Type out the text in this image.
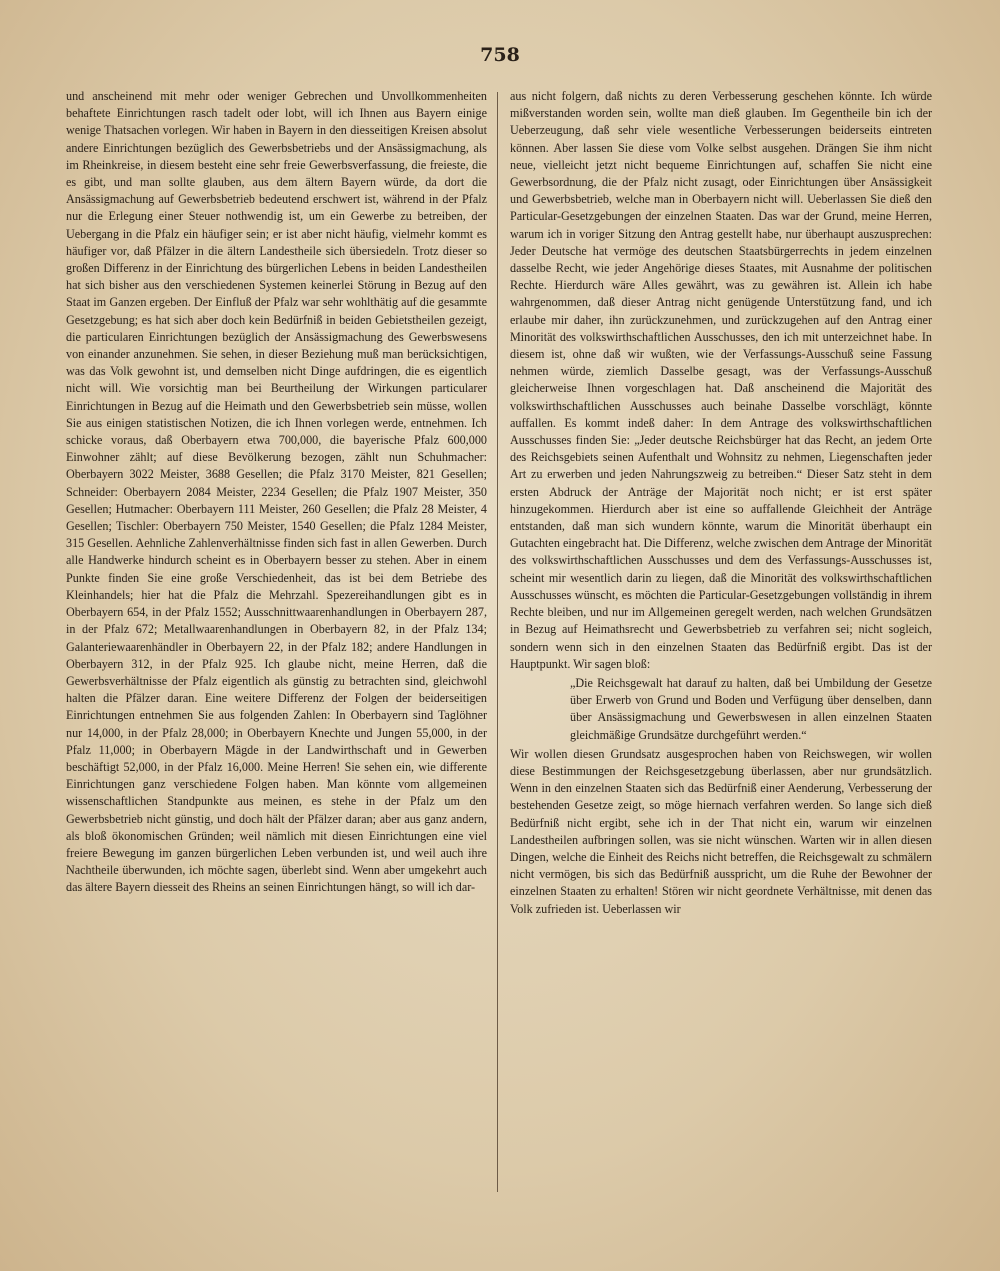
758

und anscheinend mit mehr oder weniger Gebrechen und Unvollkommenheiten behaftete Einrichtungen rasch tadelt oder lobt, will ich Ihnen aus Bayern einige wenige Thatsachen vorlegen. Wir haben in Bayern in den diesseitigen Kreisen absolut andere Einrichtungen bezüglich des Gewerbsbetriebs und der Ansässigmachung, als im Rheinkreise, in diesem besteht eine sehr freie Gewerbsverfassung, die freieste, die es gibt, und man sollte glauben, aus dem ältern Bayern würde, da dort die Ansässigmachung auf Gewerbsbetrieb bedeutend erschwert ist, während in der Pfalz nur die Erlegung einer Steuer nothwendig ist, um ein Gewerbe zu betreiben, der Uebergang in die Pfalz ein häufiger sein; er ist aber nicht häufig, vielmehr kommt es häufiger vor, daß Pfälzer in die ältern Landestheile sich übersiedeln. Trotz dieser so großen Differenz in der Einrichtung des bürgerlichen Lebens in beiden Landestheilen hat sich bisher aus den verschiedenen Systemen keinerlei Störung in Bezug auf den Staat im Ganzen ergeben. Der Einfluß der Pfalz war sehr wohlthätig auf die gesammte Gesetzgebung; es hat sich aber doch kein Bedürfniß in beiden Gebietstheilen gezeigt, die particularen Einrichtungen bezüglich der Ansässigmachung des Gewerbswesens von einander anzunehmen. Sie sehen, in dieser Beziehung muß man berücksichtigen, was das Volk gewohnt ist, und demselben nicht Dinge aufdringen, die es eigentlich nicht will. Wie vorsichtig man bei Beurtheilung der Wirkungen particularer Einrichtungen in Bezug auf die Heimath und den Gewerbsbetrieb sein müsse, wollen Sie aus einigen statistischen Notizen, die ich Ihnen vorlegen werde, entnehmen. Ich schicke voraus, daß Oberbayern etwa 700,000, die bayerische Pfalz 600,000 Einwohner zählt; auf diese Bevölkerung bezogen, zählt nun Schuhmacher: Oberbayern 3022 Meister, 3688 Gesellen; die Pfalz 3170 Meister, 821 Gesellen; Schneider: Oberbayern 2084 Meister, 2234 Gesellen; die Pfalz 1907 Meister, 350 Gesellen; Hutmacher: Oberbayern 111 Meister, 260 Gesellen; die Pfalz 28 Meister, 4 Gesellen; Tischler: Oberbayern 750 Meister, 1540 Gesellen; die Pfalz 1284 Meister, 315 Gesellen. Aehnliche Zahlenverhältnisse finden sich fast in allen Gewerben. Durch alle Handwerke hindurch scheint es in Oberbayern besser zu stehen. Aber in einem Punkte finden Sie eine große Verschiedenheit, das ist bei dem Betriebe des Kleinhandels; hier hat die Pfalz die Mehrzahl. Spezereihandlungen gibt es in Oberbayern 654, in der Pfalz 1552; Ausschnittwaarenhandlungen in Oberbayern 287, in der Pfalz 672; Metallwaarenhandlungen in Oberbayern 82, in der Pfalz 134; Galanteriewaarenhändler in Oberbayern 22, in der Pfalz 182; andere Handlungen in Oberbayern 312, in der Pfalz 925. Ich glaube nicht, meine Herren, daß die Gewerbsverhältnisse der Pfalz eigentlich als günstig zu betrachten sind, gleichwohl halten die Pfälzer daran. Eine weitere Differenz der Folgen der beiderseitigen Einrichtungen entnehmen Sie aus folgenden Zahlen: In Oberbayern sind Taglöhner nur 14,000, in der Pfalz 28,000; in Oberbayern Knechte und Jungen 55,000, in der Pfalz 11,000; in Oberbayern Mägde in der Landwirthschaft und in Gewerben beschäftigt 52,000, in der Pfalz 16,000. Meine Herren! Sie sehen ein, wie differente Einrichtungen ganz verschiedene Folgen haben. Man könnte vom allgemeinen wissenschaftlichen Standpunkte aus meinen, es stehe in der Pfalz um den Gewerbsbetrieb nicht günstig, und doch hält der Pfälzer daran; aber aus ganz andern, als bloß ökonomischen Gründen; weil nämlich mit diesen Einrichtungen eine viel freiere Bewegung im ganzen bürgerlichen Leben verbunden ist, und weil auch ihre Nachtheile überwunden, ich möchte sagen, überlebt sind. Wenn aber umgekehrt auch das ältere Bayern diesseit des Rheins an seinen Einrichtungen hängt, so will ich dar-

aus nicht folgern, daß nichts zu deren Verbesserung geschehen könnte. Ich würde mißverstanden worden sein, wollte man dieß glauben. Im Gegentheile bin ich der Ueberzeugung, daß sehr viele wesentliche Verbesserungen beiderseits eintreten können. Aber lassen Sie diese vom Volke selbst ausgehen. Drängen Sie ihm nicht neue, vielleicht jetzt nicht bequeme Einrichtungen auf, schaffen Sie nicht eine Gewerbsordnung, die der Pfalz nicht zusagt, oder Einrichtungen über Ansässigkeit und Gewerbsbetrieb, welche man in Oberbayern nicht will. Ueberlassen Sie dieß den Particular-Gesetzgebungen der einzelnen Staaten. Das war der Grund, meine Herren, warum ich in voriger Sitzung den Antrag gestellt habe, nur überhaupt auszusprechen: Jeder Deutsche hat vermöge des deutschen Staatsbürgerrechts in jedem einzelnen dasselbe Recht, wie jeder Angehörige dieses Staates, mit Ausnahme der politischen Rechte. Hierdurch wäre Alles gewährt, was zu gewähren ist. Allein ich habe wahrgenommen, daß dieser Antrag nicht genügende Unterstützung fand, und ich erlaube mir daher, ihn zurückzunehmen, und zurückzugehen auf den Antrag einer Minorität des volkswirthschaftlichen Ausschusses, den ich mit unterzeichnet habe. In diesem ist, ohne daß wir wußten, wie der Verfassungs-Ausschuß seine Fassung nehmen würde, ziemlich Dasselbe gesagt, was der Verfassungs-Ausschuß gleicherweise Ihnen vorgeschlagen hat. Daß anscheinend die Majorität des volkswirthschaftlichen Ausschusses auch beinahe Dasselbe vorschlägt, könnte auffallen. Es kommt indeß daher: In dem Antrage des volkswirthschaftlichen Ausschusses finden Sie: „Jeder deutsche Reichsbürger hat das Recht, an jedem Orte des Reichsgebiets seinen Aufenthalt und Wohnsitz zu nehmen, Liegenschaften jeder Art zu erwerben und jeden Nahrungszweig zu betreiben.“ Dieser Satz steht in dem ersten Abdruck der Anträge der Majorität noch nicht; er ist erst später hinzugekommen. Hierdurch aber ist eine so auffallende Gleichheit der Anträge entstanden, daß man sich wundern könnte, warum die Minorität überhaupt ein Gutachten eingebracht hat. Die Differenz, welche zwischen dem Antrage der Minorität des volkswirthschaftlichen Ausschusses und dem des Verfassungs-Ausschusses ist, scheint mir wesentlich darin zu liegen, daß die Minorität des volkswirthschaftlichen Ausschusses wünscht, es möchten die Particular-Gesetzgebungen vollständig in ihrem Rechte bleiben, und nur im Allgemeinen geregelt werden, nach welchen Grundsätzen in Bezug auf Heimathsrecht und Gewerbsbetrieb zu verfahren sei; nicht sogleich, sondern wenn sich in den einzelnen Staaten das Bedürfniß ergibt. Das ist der Hauptpunkt. Wir sagen bloß:

„Die Reichsgewalt hat darauf zu halten, daß bei Umbildung der Gesetze über Erwerb von Grund und Boden und Verfügung über denselben, dann über Ansässigmachung und Gewerbswesen in allen einzelnen Staaten gleichmäßige Grundsätze durchgeführt werden.“

Wir wollen diesen Grundsatz ausgesprochen haben von Reichswegen, wir wollen diese Bestimmungen der Reichsgesetzgebung überlassen, aber nur grundsätzlich. Wenn in den einzelnen Staaten sich das Bedürfniß einer Aenderung, Verbesserung der bestehenden Gesetze zeigt, so möge hiernach verfahren werden. So lange sich dieß Bedürfniß nicht ergibt, sehe ich in der That nicht ein, warum wir einzelnen Landestheilen aufbringen sollen, was sie nicht wünschen. Warten wir in allen diesen Dingen, welche die Einheit des Reichs nicht betreffen, die Reichsgewalt zu schmälern nicht vermögen, bis sich das Bedürfniß ausspricht, um die Ruhe der Bewohner der einzelnen Staaten zu erhalten! Stören wir nicht geordnete Verhältnisse, mit denen das Volk zufrieden ist. Ueberlassen wir
